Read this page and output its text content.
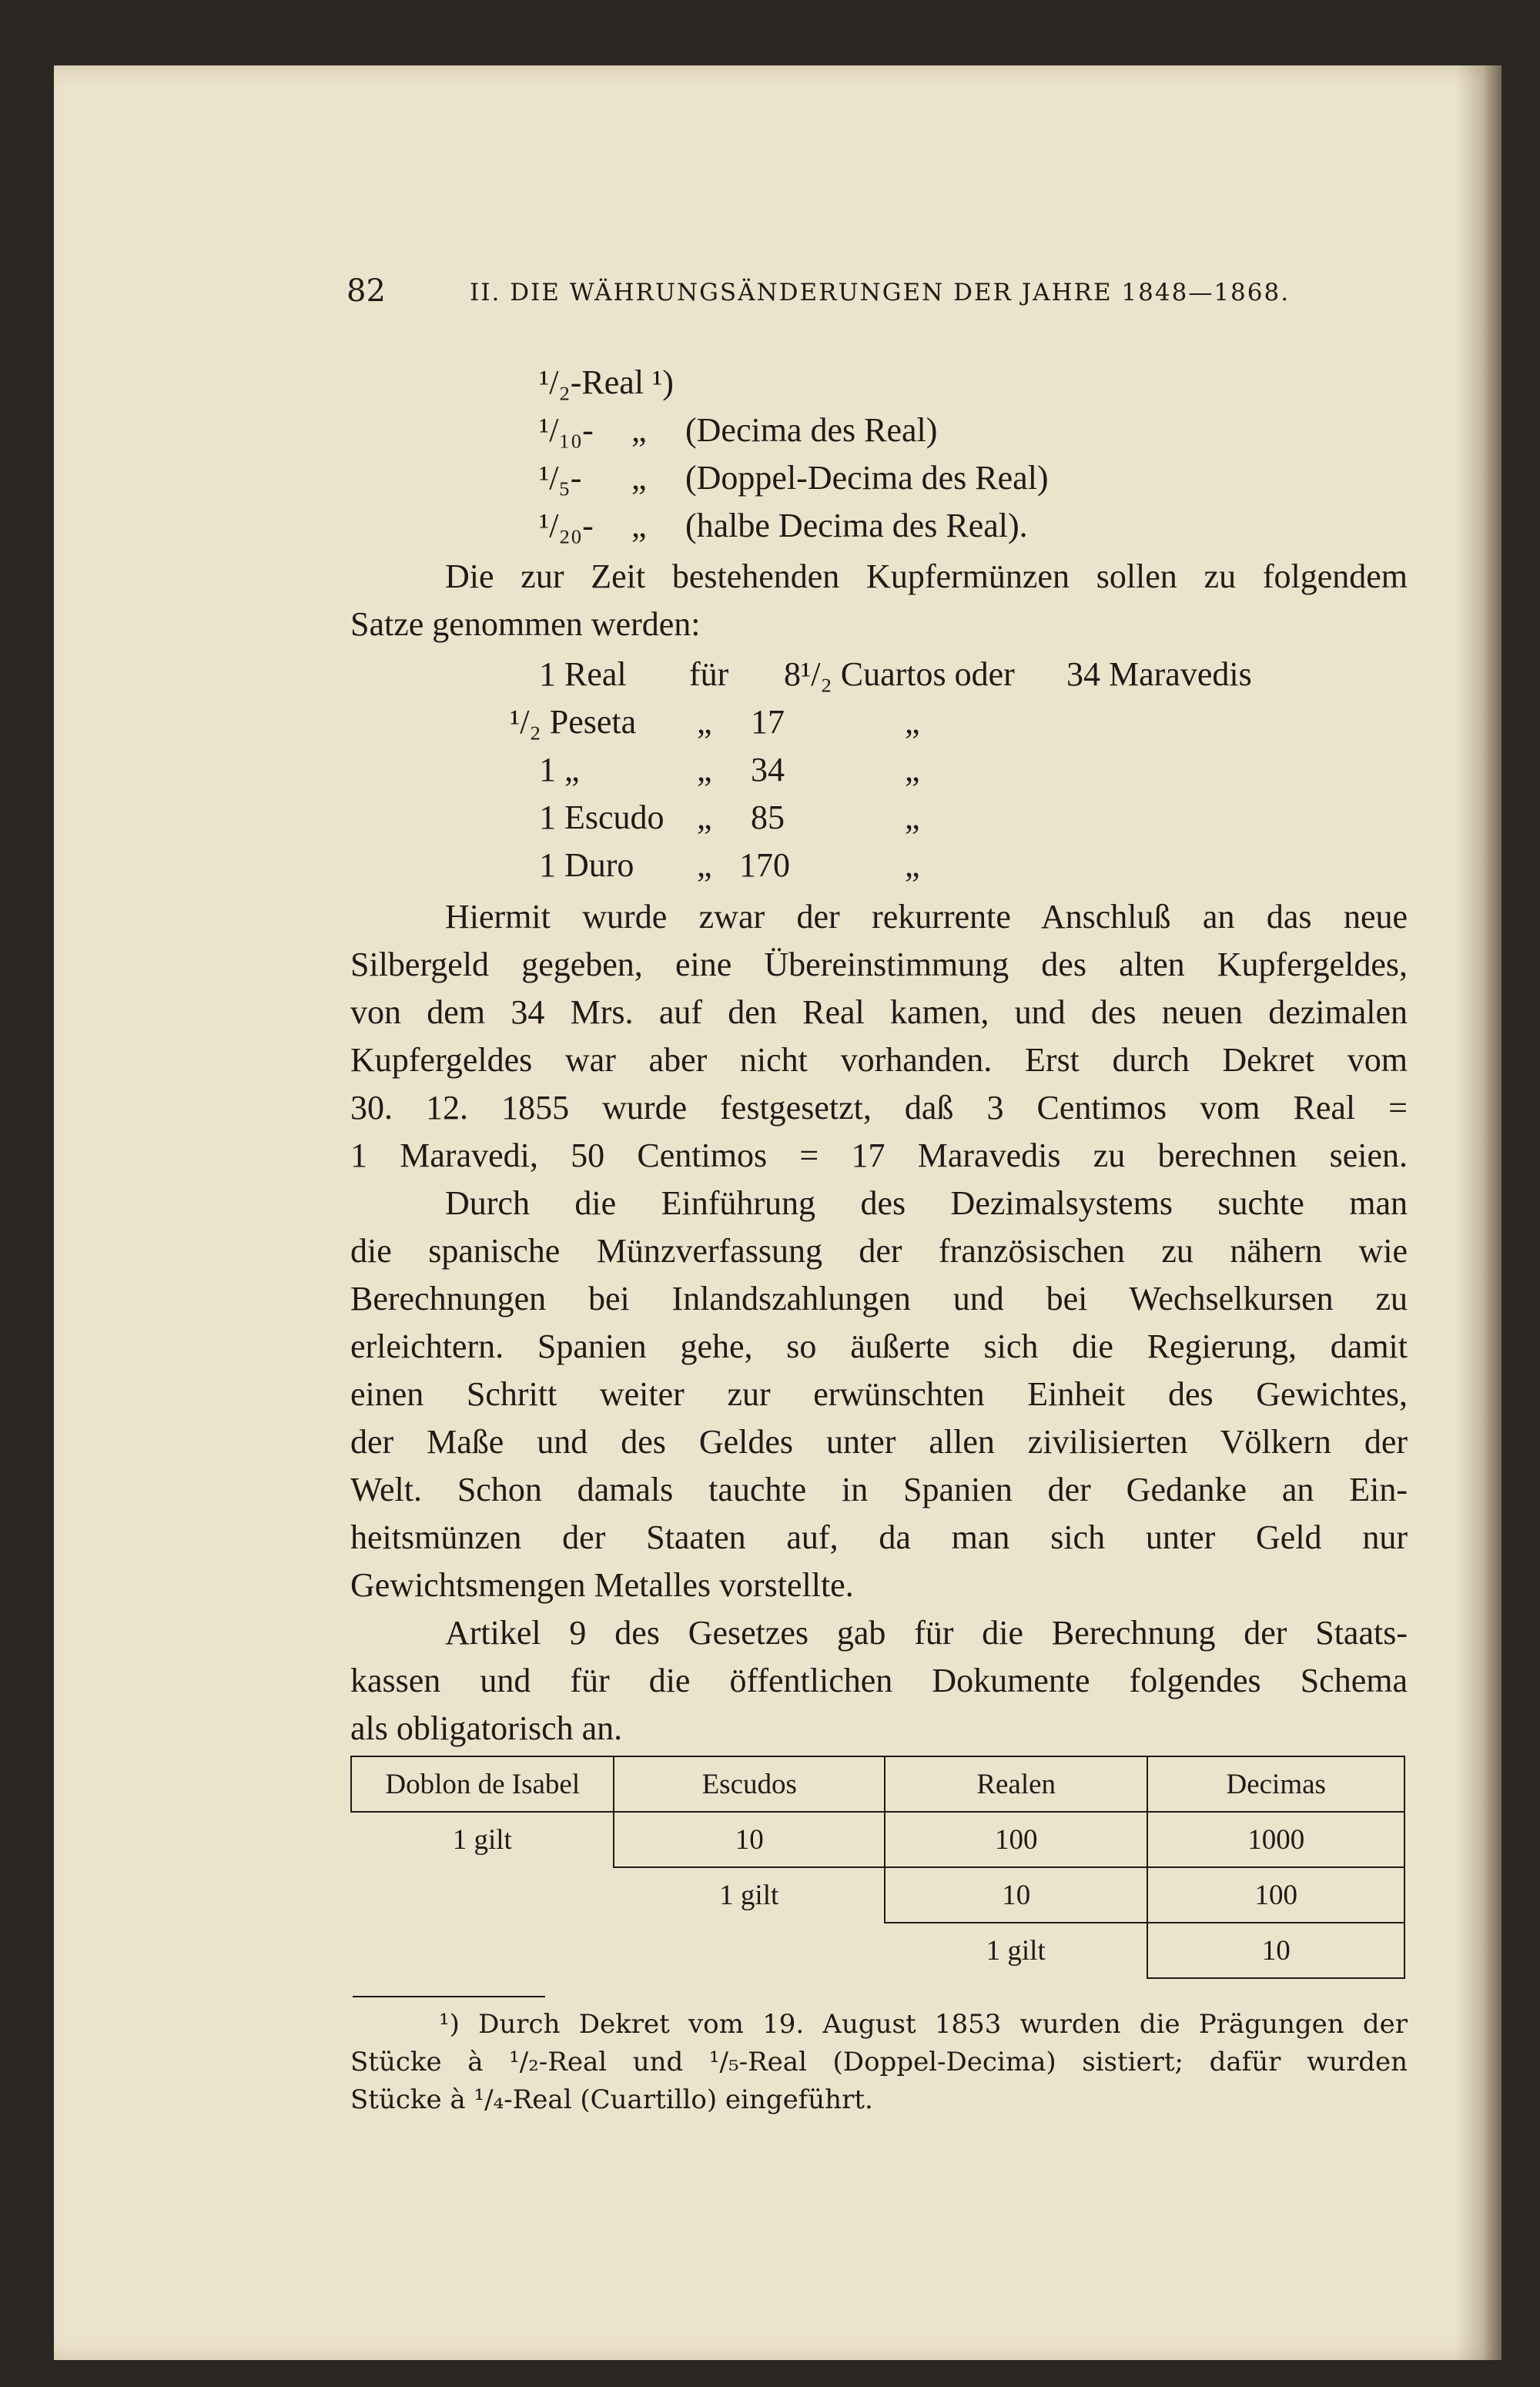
82	II. DIE WÄHRUNGSÄNDERUNGEN DER JAHRE 1848—1868.
¹/₂-Real ¹)
¹/₁₀- „ (Decima des Real)
¹/₅- „ (Doppel-Decima des Real)
¹/₂₀- „ (halbe Decima des Real).
Die zur Zeit bestehenden Kupfermünzen sollen zu folgendem
Satze genommen werden:
1 Real für 8¹/₂ Cuartos oder 34 Maravedis
¹/₂ Peseta „ 17	„
1 „	„ 34	„
1 Escudo „ 85	„
1 Duro „ 170	„
Hiermit wurde zwar der rekurrente Anschluß an das neue
Silbergeld gegeben, eine Übereinstimmung des alten Kupfergeldes,
von dem 34 Mrs. auf den Real kamen, und des neuen dezimalen
Kupfergeldes war aber nicht vorhanden. Erst durch Dekret vom
30. 12. 1855 wurde festgesetzt, daß 3 Centimos vom Real =
1 Maravedi, 50 Centimos = 17 Maravedis zu berechnen seien.
Durch die Einführung des Dezimalsystems suchte man
die spanische Münzverfassung der französischen zu nähern wie
Berechnungen bei Inlandszahlungen und bei Wechselkursen zu
erleichtern. Spanien gehe, so äußerte sich die Regierung, damit
einen Schritt weiter zur erwünschten Einheit des Gewichtes,
der Maße und des Geldes unter allen zivilisierten Völkern der
Welt. Schon damals tauchte in Spanien der Gedanke an Ein-
heitsmünzen der Staaten auf, da man sich unter Geld nur
Gewichtsmengen Metalles vorstellte.
Artikel 9 des Gesetzes gab für die Berechnung der Staats-
kassen und für die öffentlichen Dokumente folgendes Schema
als obligatorisch an.
Doblon de Isabel	Escudos	Realen	Decimas
1 gilt	10	100	1000
	1 gilt	10	100
		1 gilt	10
¹) Durch Dekret vom 19. August 1853 wurden die Prägungen der
Stücke à ¹/₂-Real und ¹/₅-Real (Doppel-Decima) sistiert; dafür wurden
Stücke à ¹/₄-Real (Cuartillo) eingeführt.
